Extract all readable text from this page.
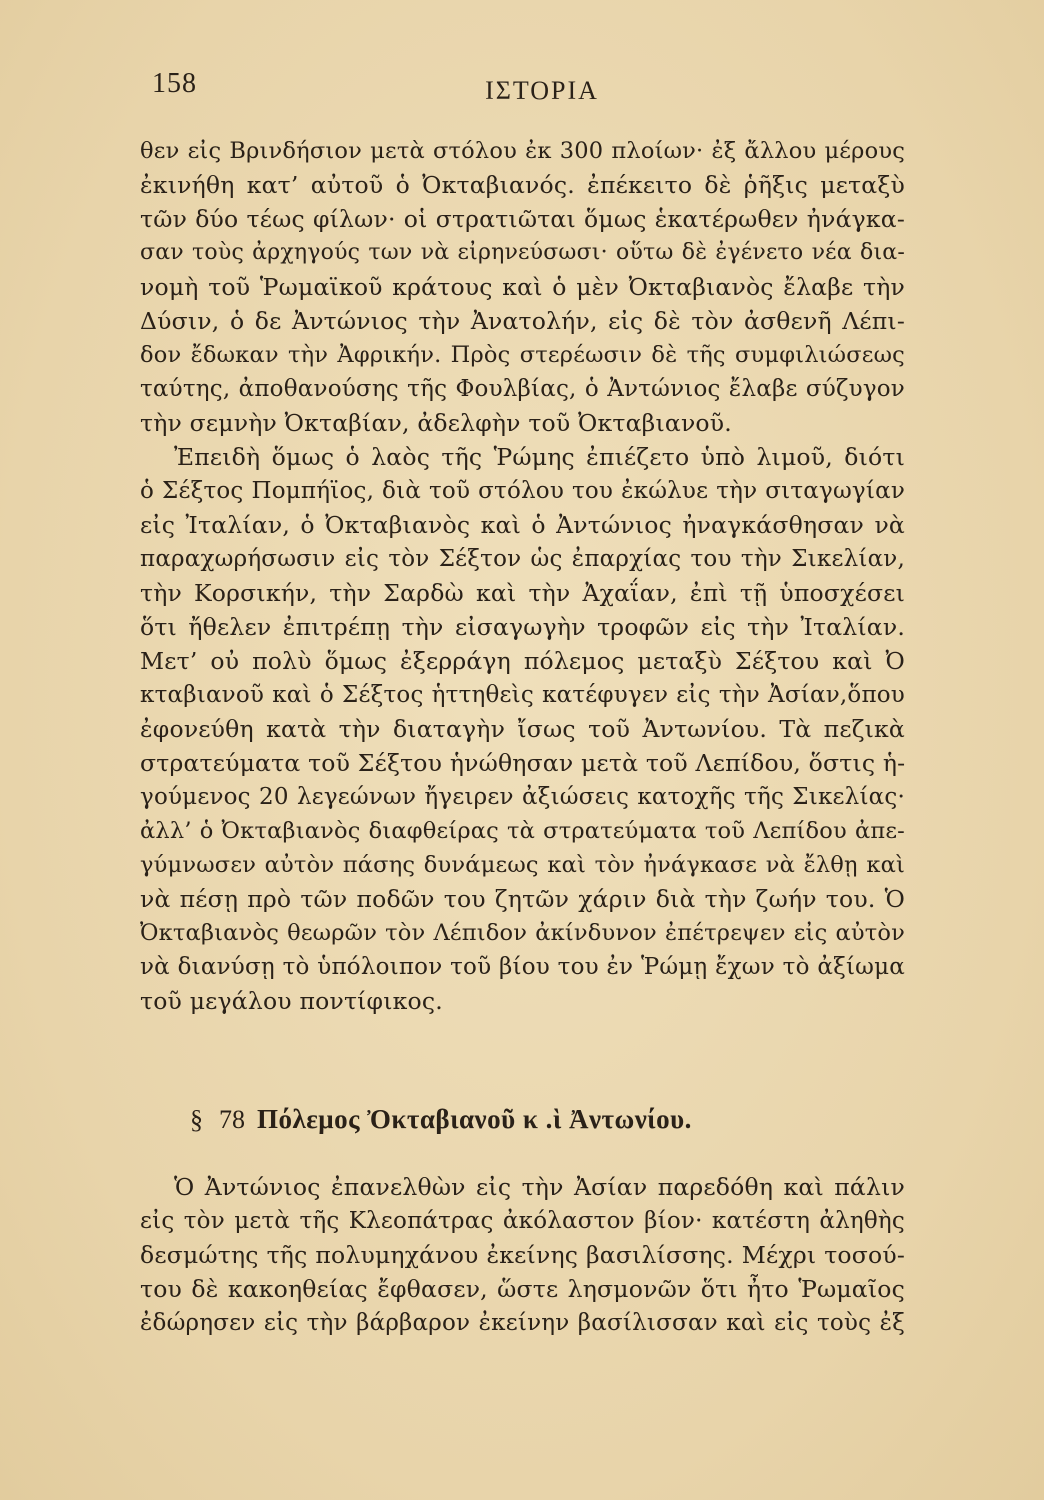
158	ΙΣΤΟΡΙΑ
θεν εἰς Βρινδήσιον μετὰ στόλου ἐκ 300 πλοίων· ἐξ ἄλλου μέρους
ἐκινήθη κατ’ αὐτοῦ ὁ Ὀκταβιανός. ἐπέκειτο δὲ ῥῆξις μεταξὺ
τῶν δύο τέως φίλων· οἱ στρατιῶται ὅμως ἑκατέρωθεν ἠνάγκα-
σαν τοὺς ἀρχηγούς των νὰ εἰρηνεύσωσι· οὕτω δὲ ἐγένετο νέα δια-
νομὴ τοῦ Ῥωμαϊκοῦ κράτους καὶ ὁ μὲν Ὀκταβιανὸς ἔλαβε τὴν
Δύσιν, ὁ δε Ἀντώνιος τὴν Ἀνατολήν, εἰς δὲ τὸν ἀσθενῆ Λέπι-
δον ἔδωκαν τὴν Ἀφρικήν. Πρὸς στερέωσιν δὲ τῆς συμφιλιώσεως
ταύτης, ἀποθανούσης τῆς Φουλβίας, ὁ Ἀντώνιος ἔλαβε σύζυγον
τὴν σεμνὴν Ὀκταβίαν, ἀδελφὴν τοῦ Ὀκταβιανοῦ.
Ἐπειδὴ ὅμως ὁ λαὸς τῆς Ῥώμης ἐπιέζετο ὑπὸ λιμοῦ, διότι
ὁ Σέξτος Πομπήϊος, διὰ τοῦ στόλου του ἐκώλυε τὴν σιταγωγίαν
εἰς Ἰταλίαν, ὁ Ὀκταβιανὸς καὶ ὁ Ἀντώνιος ἠναγκάσθησαν νὰ
παραχωρήσωσιν εἰς τὸν Σέξτον ὡς ἐπαρχίας του τὴν Σικελίαν,
τὴν Κορσικήν, τὴν Σαρδὼ καὶ τὴν Ἀχαΐαν, ἐπὶ τῇ ὑποσχέσει
ὅτι ἤθελεν ἐπιτρέπῃ τὴν εἰσαγωγὴν τροφῶν εἰς τὴν Ἰταλίαν.
Μετ’ οὐ πολὺ ὅμως ἐξερράγη πόλεμος μεταξὺ Σέξτου καὶ Ὀ
κταβιανοῦ καὶ ὁ Σέξτος ἡττηθεὶς κατέφυγεν εἰς τὴν Ἀσίαν,ὅπου
ἐφονεύθη κατὰ τὴν διαταγὴν ἴσως τοῦ Ἀντωνίου. Τὰ πεζικὰ
στρατεύματα τοῦ Σέξτου ἡνώθησαν μετὰ τοῦ Λεπίδου, ὅστις ἡ-
γούμενος 20 λεγεώνων ἤγειρεν ἀξιώσεις κατοχῆς τῆς Σικελίας·
ἀλλ’ ὁ Ὀκταβιανὸς διαφθείρας τὰ στρατεύματα τοῦ Λεπίδου ἀπε-
γύμνωσεν αὐτὸν πάσης δυνάμεως καὶ τὸν ἠνάγκασε νὰ ἔλθῃ καὶ
νὰ πέσῃ πρὸ τῶν ποδῶν του ζητῶν χάριν διὰ τὴν ζωήν του. Ὁ
Ὀκταβιανὸς θεωρῶν τὸν Λέπιδον ἀκίνδυνον ἐπέτρεψεν εἰς αὐτὸν
νὰ διανύσῃ τὸ ὑπόλοιπον τοῦ βίου του ἐν Ῥώμῃ ἔχων τὸ ἀξίωμα
τοῦ μεγάλου ποντίφικος.
§ 78 Πόλεμος Ὀκταβιανοῦ κ .ὶ Ἀντωνίου.
Ὁ Ἀντώνιος ἐπανελθὼν εἰς τὴν Ἀσίαν παρεδόθη καὶ πάλιν
εἰς τὸν μετὰ τῆς Κλεοπάτρας ἀκόλαστον βίον· κατέστη ἀληθὴς
δεσμώτης τῆς πολυμηχάνου ἐκείνης βασιλίσσης. Μέχρι τοσού-
του δὲ κακοηθείας ἔφθασεν, ὥστε λησμονῶν ὅτι ἦτο Ῥωμαῖος
ἐδώρησεν εἰς τὴν βάρβαρον ἐκείνην βασίλισσαν καὶ εἰς τοὺς ἐξ
